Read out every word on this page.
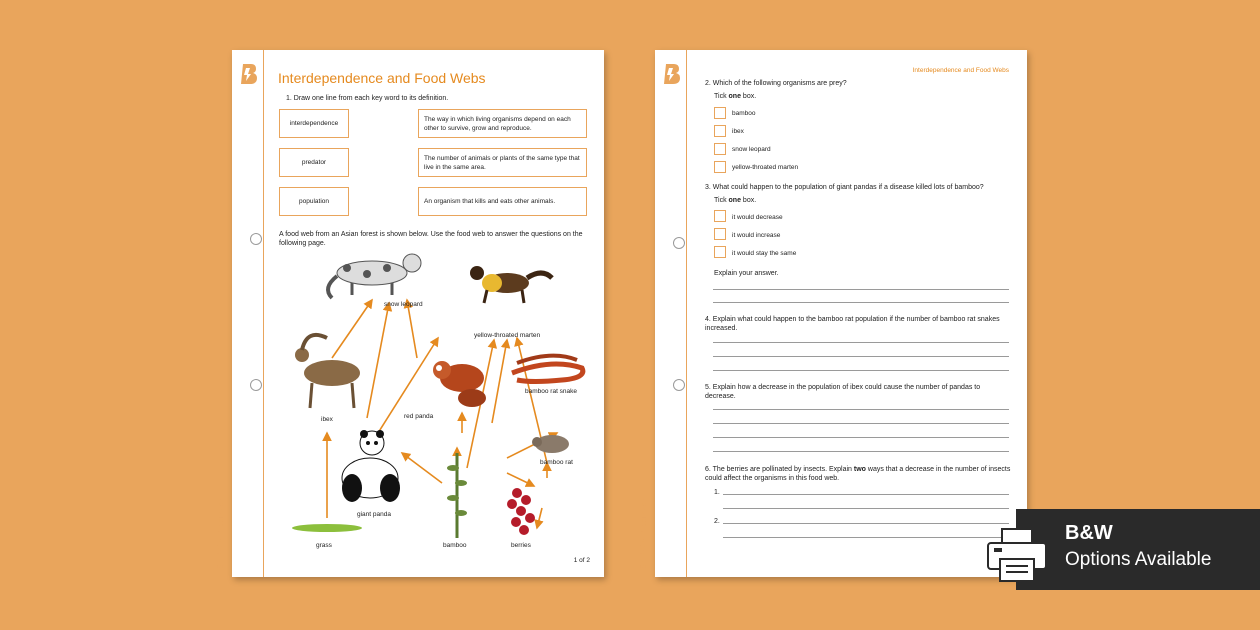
BEYONDSCIENCE
Interdependence and Food Webs
1. Draw one line from each key word to its definition.
interdependence
predator
population
The way in which living organisms depend on each other to survive, grow and reproduce.
The number of animals or plants of the same type that live in the same area.
An organism that kills and eats other animals.
A food web from an Asian forest is shown below. Use the food web to answer the questions on the following page.
snow leopard
yellow-throated marten
ibex	red panda
bamboo rat snake
giant panda
bamboo rat
grass	bamboo	berries
1 of 2	BEYONDSCIENCE
Interdependence and Food Webs
2. Which of the following organisms are prey?
Tick one box.
bamboo
ibex
snow leopard
yellow-throated marten
3. What could happen to the population of giant pandas if a disease killed lots of bamboo?
Tick one box.
it would decrease
it would increase
it would stay the same
Explain your answer.
4. Explain what could happen to the bamboo rat population if the number of bamboo rat snakes increased.
5. Explain how a decrease in the population of ibex could cause the number of pandas to decrease.
6. The berries are pollinated by insects. Explain two ways that a decrease in the number of insects could affect the organisms in this food web.
1.
2.
B&W
Options Available
